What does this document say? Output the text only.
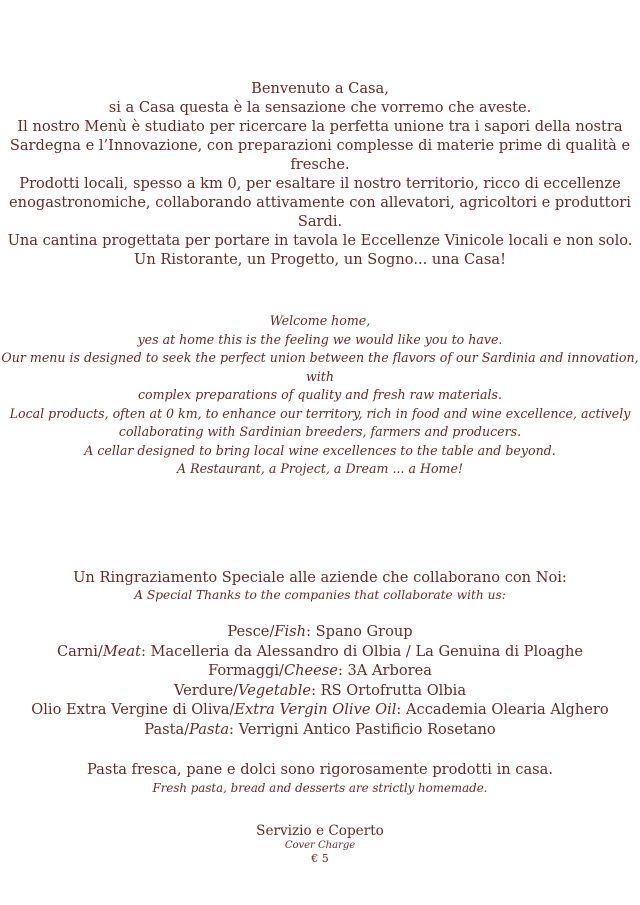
Benvenuto a Casa,
si a Casa questa è la sensazione che vorremo che aveste.
Il nostro Menù è studiato per ricercare la perfetta unione tra i sapori della nostra
Sardegna e l’Innovazione, con preparazioni complesse di materie prime di qualità e
fresche.
Prodotti locali, spesso a km 0, per esaltare il nostro territorio, ricco di eccellenze
enogastronomiche, collaborando attivamente con allevatori, agricoltori e produttori
Sardi.
Una cantina progettata per portare in tavola le Eccellenze Vinicole locali e non solo.
Un Ristorante, un Progetto, un Sogno... una Casa!
Welcome home,
yes at home this is the feeling we would like you to have.
Our menu is designed to seek the perfect union between the flavors of our Sardinia and innovation, with
complex preparations of quality and fresh raw materials.
Local products, often at 0 km, to enhance our territory, rich in food and wine excellence, actively
collaborating with Sardinian breeders, farmers and producers.
A cellar designed to bring local wine excellences to the table and beyond.
A Restaurant, a Project, a Dream ... a Home!
Un Ringraziamento Speciale alle aziende che collaborano con Noi:
A Special Thanks to the companies that collaborate with us:
Pesce/Fish: Spano Group
Carni/Meat: Macelleria da Alessandro di Olbia / La Genuina di Ploaghe
Formaggi/Cheese: 3A Arborea
Verdure/Vegetable: RS Ortofrutta Olbia
Olio Extra Vergine di Oliva/Extra Vergin Olive Oil: Accademia Olearia Alghero
Pasta/Pasta: Verrigni Antico Pastificio Rosetano
Pasta fresca, pane e dolci sono rigorosamente prodotti in casa.
Fresh pasta, bread and desserts are strictly homemade.
Servizio e Coperto
Cover Charge
€ 5
